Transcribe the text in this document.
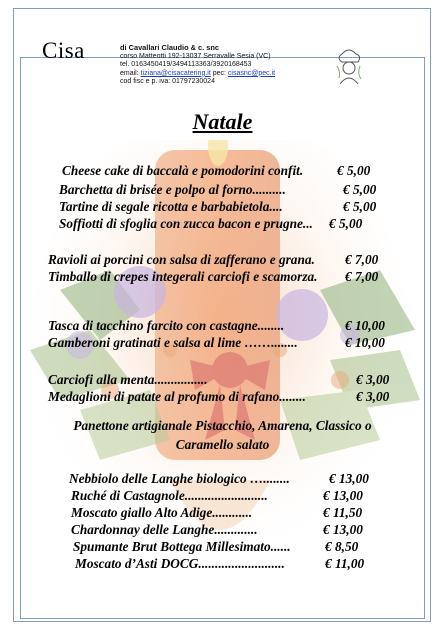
Cisa	di Cavallari Claudio & c. snc
corso Matteotti 192-13037 Serravalle Sesia (VC)
tel. 0163450419/3494113363/3920168453
email: tiziana@cisacatering.it pec: cisasnc@pec.it
cod fisc e p. iva: 01797230024
Natale
Cheese cake di baccalà e pomodorini confit.	€ 5,00
Barchetta di brisée e polpo al forno..........	€ 5,00
Tartine di segale ricotta e barbabietola....	€ 5,00
Soffiotti di sfoglia con zucca bacon e prugne... € 5,00
Ravioli ai porcini con salsa di zafferano e grana. € 7,00
Timballo di crepes integerali carciofi e scamorza. € 7,00
Tasca di tacchino farcito con castagne........	€ 10,00
Gamberoni gratinati e salsa al lime ……........	€ 10,00
Carciofi alla menta................	€ 3,00
Medaglioni di patate al profumo di rafano........	€ 3,00
Panettone artigianale Pistacchio, Amarena, Classico o
Caramello salato
Nebbiolo delle Langhe biologico …........	€ 13,00
Ruché di Castagnole.........................	€ 13,00
Moscato giallo Alto Adige............	€ 11,50
Chardonnay delle Langhe.............	€ 13,00
Spumante Brut Bottega Millesimato......	€ 8,50
Moscato d’Asti DOCG..........................	€ 11,00
